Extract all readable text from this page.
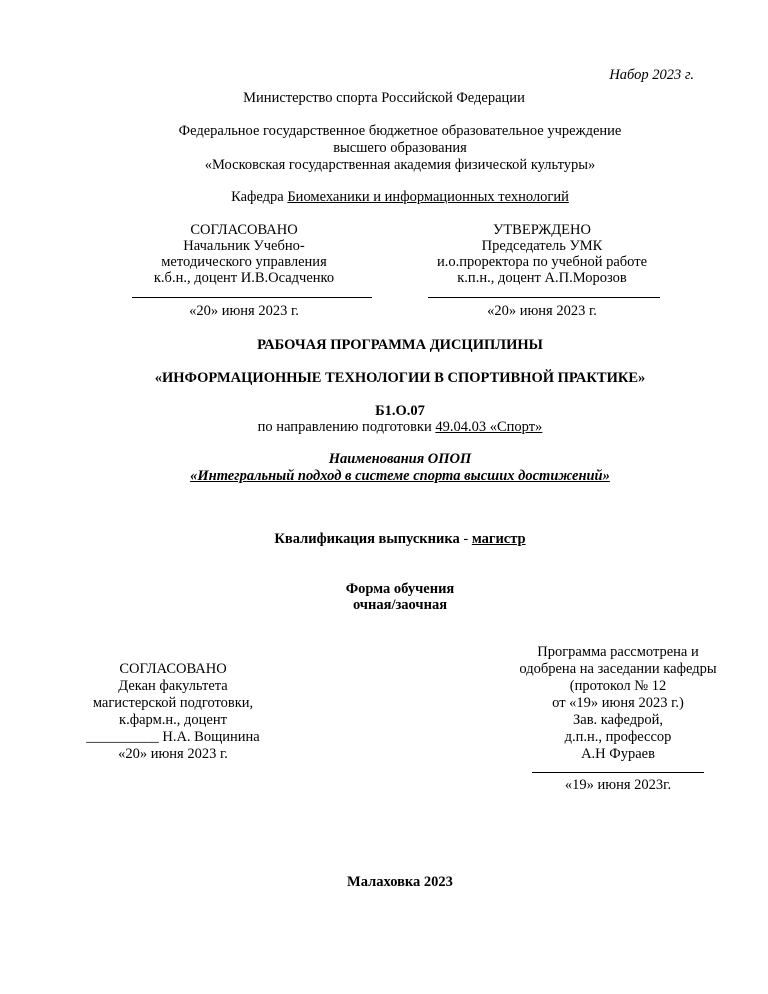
Набор 2023 г.
Министерство спорта Российской Федерации
Федеральное государственное бюджетное образовательное учреждение
высшего образования
«Московская государственная академия физической культуры»
Кафедра Биомеханики и информационных технологий
СОГЛАСОВАНО
Начальник Учебно-
методического управления
к.б.н., доцент И.В.Осадченко
«20» июня 2023 г.
УТВЕРЖДЕНО
Председатель УМК
и.о.проректора по учебной работе
к.п.н., доцент А.П.Морозов
«20» июня 2023 г.
РАБОЧАЯ ПРОГРАММА ДИСЦИПЛИНЫ
«ИНФОРМАЦИОННЫЕ ТЕХНОЛОГИИ В СПОРТИВНОЙ ПРАКТИКЕ»
Б1.О.07
по направлению подготовки 49.04.03 «Спорт»
Наименования ОПОП
«Интегральный подход в системе спорта высших достижений»
Квалификация выпускника - магистр
Форма обучения
очная/заочная
СОГЛАСОВАНО
Декан факультета
магистерской подготовки,
к.фарм.н., доцент
__________ Н.А. Вощинина
«20» июня 2023 г.
Программа рассмотрена и
одобрена на заседании кафедры
(протокол № 12
от «19» июня 2023 г.)
Зав. кафедрой,
д.п.н., профессор
А.Н Фураев
«19» июня 2023г.
Малаховка 2023
